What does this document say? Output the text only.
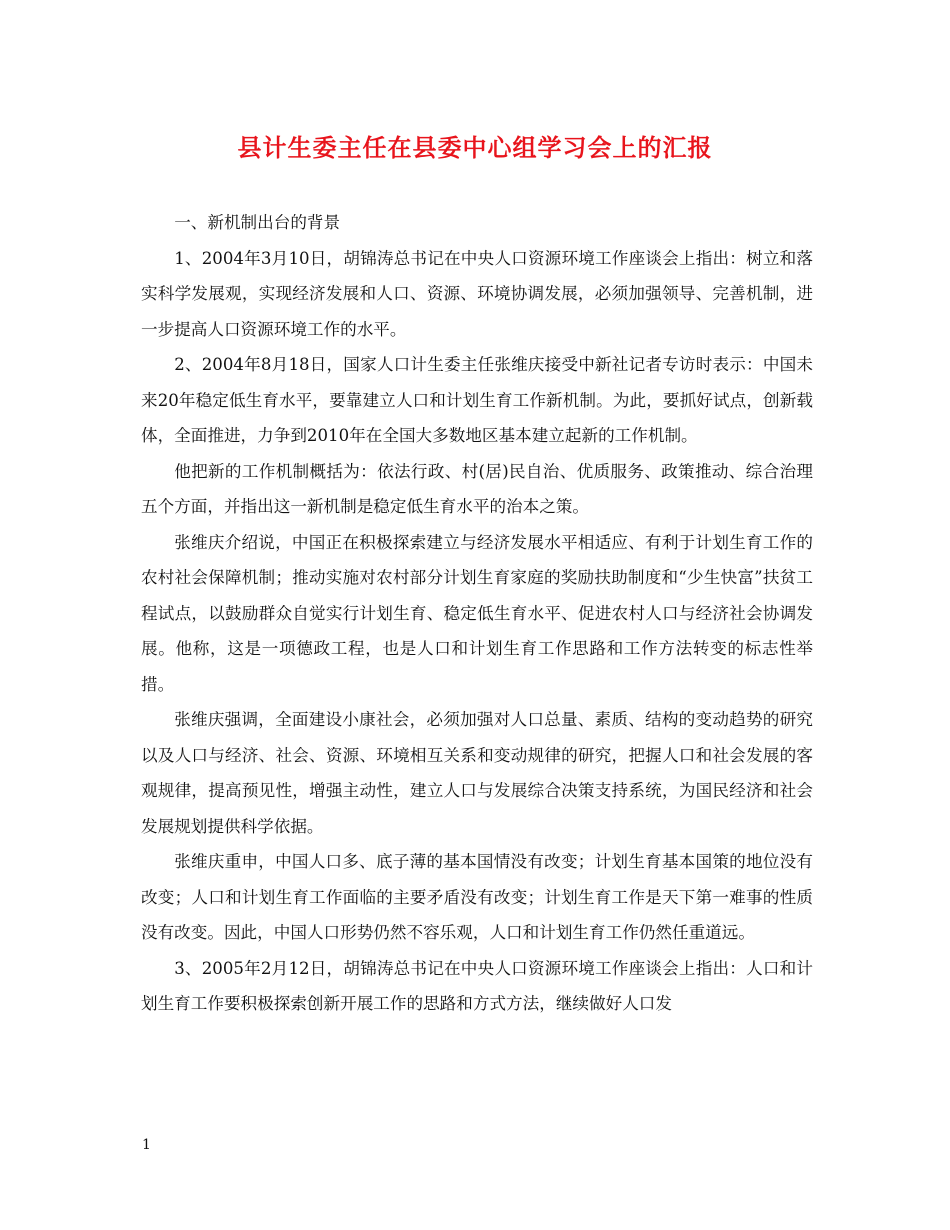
县计生委主任在县委中心组学习会上的汇报

一、新机制出台的背景

1、2004年3月10日，胡锦涛总书记在中央人口资源环境工作座谈会上指出：树立和落实科学发展观，实现经济发展和人口、资源、环境协调发展，必须加强领导、完善机制，进一步提高人口资源环境工作的水平。

2、2004年8月18日，国家人口计生委主任张维庆接受中新社记者专访时表示：中国未来20年稳定低生育水平，要靠建立人口和计划生育工作新机制。为此，要抓好试点，创新载体，全面推进，力争到2010年在全国大多数地区基本建立起新的工作机制。

他把新的工作机制概括为：依法行政、村(居)民自治、优质服务、政策推动、综合治理五个方面，并指出这一新机制是稳定低生育水平的治本之策。

张维庆介绍说，中国正在积极探索建立与经济发展水平相适应、有利于计划生育工作的农村社会保障机制；推动实施对农村部分计划生育家庭的奖励扶助制度和“少生快富”扶贫工程试点，以鼓励群众自觉实行计划生育、稳定低生育水平、促进农村人口与经济社会协调发展。他称，这是一项德政工程，也是人口和计划生育工作思路和工作方法转变的标志性举措。

张维庆强调，全面建设小康社会，必须加强对人口总量、素质、结构的变动趋势的研究以及人口与经济、社会、资源、环境相互关系和变动规律的研究，把握人口和社会发展的客观规律，提高预见性，增强主动性，建立人口与发展综合决策支持系统，为国民经济和社会发展规划提供科学依据。

张维庆重申，中国人口多、底子薄的基本国情没有改变；计划生育基本国策的地位没有改变；人口和计划生育工作面临的主要矛盾没有改变；计划生育工作是天下第一难事的性质没有改变。因此，中国人口形势仍然不容乐观，人口和计划生育工作仍然任重道远。

3、2005年2月12日，胡锦涛总书记在中央人口资源环境工作座谈会上指出：人口和计划生育工作要积极探索创新开展工作的思路和方式方法，继续做好人口发

1
